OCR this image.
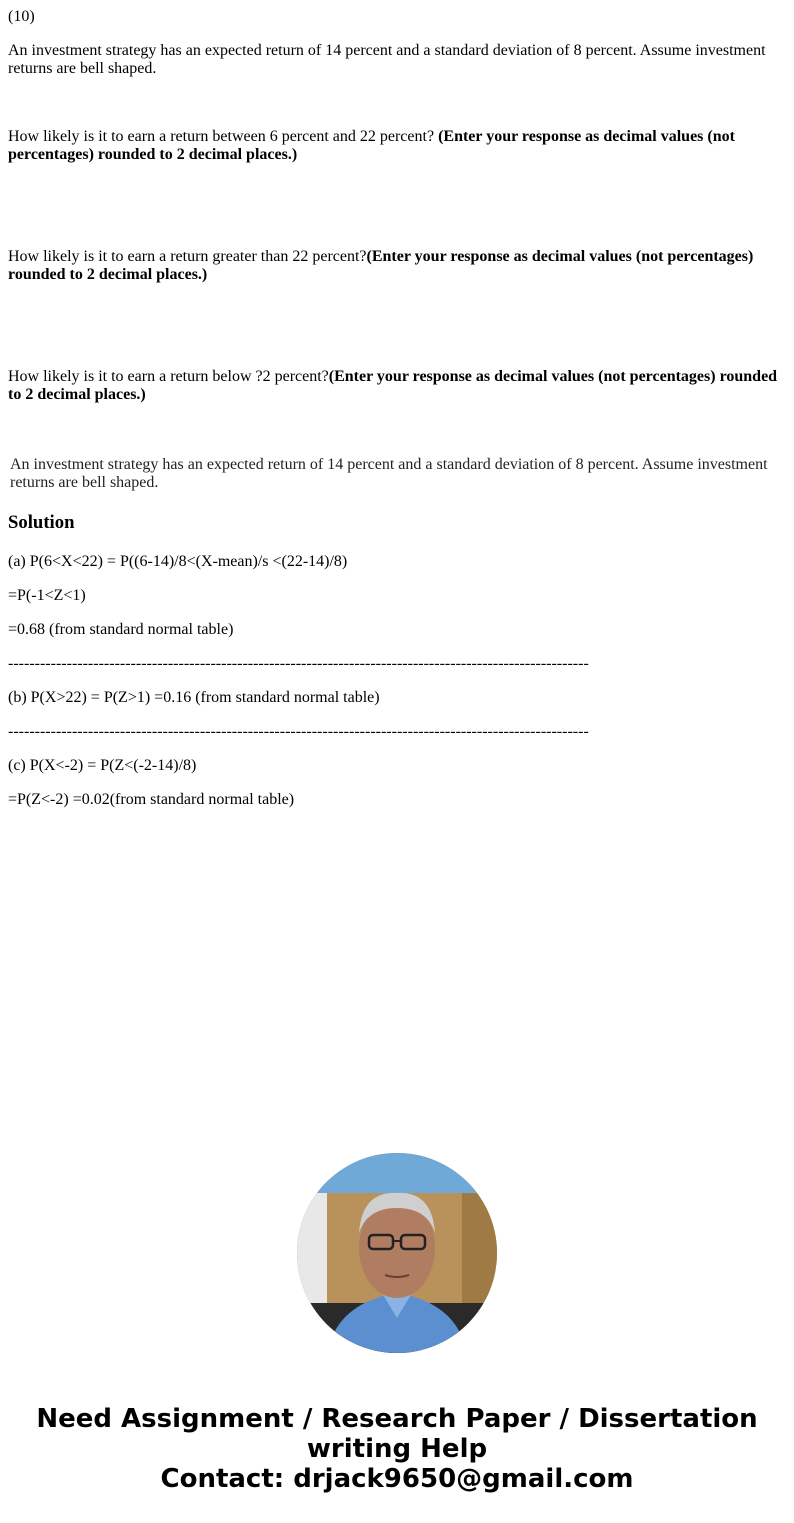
(10)

An investment strategy has an expected return of 14 percent and a standard deviation of 8 percent. Assume investment returns are bell shaped.

How likely is it to earn a return between 6 percent and 22 percent? (Enter your response as decimal values (not percentages) rounded to 2 decimal places.)

How likely is it to earn a return greater than 22 percent?(Enter your response as decimal values (not percentages) rounded to 2 decimal places.)

How likely is it to earn a return below ?2 percent?(Enter your response as decimal values (not percentages) rounded to 2 decimal places.)

An investment strategy has an expected return of 14 percent and a standard deviation of 8 percent. Assume investment returns are bell shaped.

Solution

(a) P(6<X<22) = P((6-14)/8<(X-mean)/s <(22-14)/8)

=P(-1<Z<1)

=0.68 (from standard normal table)

-------------------------------------------------------------------------------------------------------------

(b) P(X>22) = P(Z>1) =0.16 (from standard normal table)

-------------------------------------------------------------------------------------------------------------

(c) P(X<-2) = P(Z<(-2-14)/8)

=P(Z<-2) =0.02(from standard normal table)

Need Assignment / Research Paper / Dissertation
writing Help
Contact: drjack9650@gmail.com
